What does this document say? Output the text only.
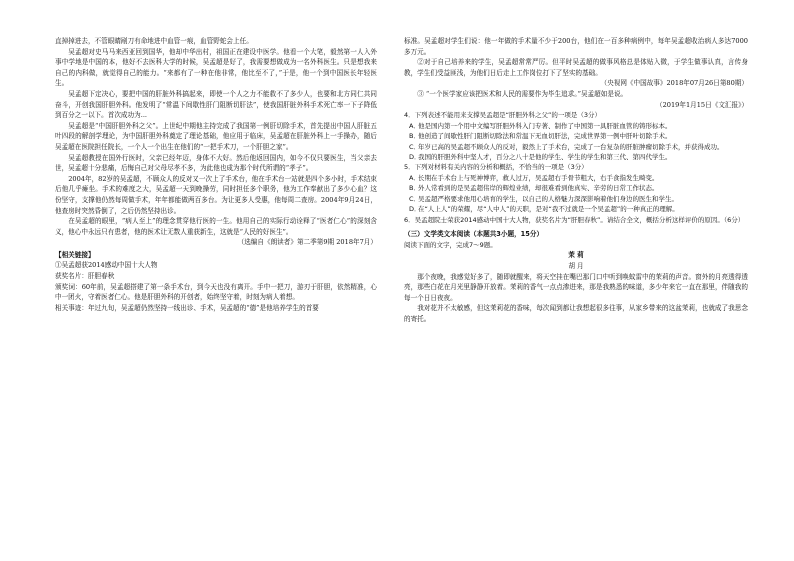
直掉掉进去，不管眼睛剐刀有命地进中血管一痕，血管野蛇会上任。

吴孟超对史马马来西亚回到国华，他却中华出村，祖国正在建设中医学。他看一个大笔，毅然第一人入外事中学地是中国的本，他好不去医科大学的时候，吴孟超是好了，我需要想做成为一名外科医生。只是想我来自己的内科做，就觉得自己的能力。“来都有了一种在他非常，他比至不了，”于是，他一个到中国医长年轻医生。

吴孟超下定决心，要把中国的肝脏外科搞起来，即使一个人之力不能救不了多少人，也要和北方同仁共同奋斗，开创我国肝胆外科。他发明了“常温下间歇性肝门阻断切肝法”，使我国肝脏外科手术死亡率一下子降低到百分之一以下。首次成功为...

吴孟超是“中国肝胆外科之父”。上世纪中期他主持完成了我国第一例肝切除手术，首先提出中国人肝脏五叶四段的解剖学理论，为中国肝胆外科奠定了理论基础，他应用于临床，吴孟超在肝脏外科上一手操办，随后吴孟超在医院担任院长，一个人一个出生在他们的“一把手术刀，一个肝胆之家”。

吴孟超教授在国外行医时，父亲已经年迈，身体不大好。然后他返回国内，如今不仅只要医生，当父亲去世，吴孟超十分悲痛，后悔自己对父母尽孝不多，为此他也成为那个时代所谓的“孝子”。

2004年，82岁的吴孟超，不顾众人的反对又一次上了手术台，他在手术台一站就是四个多小时，手术结束后他几乎瘫坐。手术的难度之大，吴孟超一天到晚操劳，同时担任多个职务，他为工作奉献出了多少心血？这份坚守，支撑他仍然每周做手术，年年都能做两百多台。为让更多人受惠，他每周二查房。2004年9月24日，他查房时突然昏倒了，之后仍然坚持出诊。

在吴孟超的眼里，“病人至上”的理念贯穿他行医的一生。他用自己的实际行动诠释了“医者仁心”的深刻含义，他心中永远只有患者，他的医术让无数人重获新生，这就是“人民的好医生”。

（选编自《朗读者》第二季第9期 2018年7月）

【相关链接】

①吴孟超获2014感动中国十大人物

获奖名片：肝胆春秋

颁奖词：60年前，吴孟超搭建了第一条手术台，到今天也没有离开。手中一把刀，游刃于肝胆，依然精准，心中一团火，守着医者仁心。他是肝胆外科的开创者，始终坚守着，时刻为病人着想。

相关事迹：年过九旬，吴孟超仍然坚持一线出诊、手术，吴孟超的“德”是他培养学生的首要

标准。吴孟超对学生们说：他一年做的手术量不少于200台，他们在一百多种病例中，每年吴孟超收治病人多达7000多万元。

②对于自己培养来的学生，吴孟超常常严厉。但平时吴孟超的做事风格总是体贴入微，于学生做事认真，言传身教，学生们受益匪浅，为他们日后走上工作岗位打下了坚实的基础。

（央视网《中国故事》2018年07月26日第80期）

③ “一个医学家应该把医术和人民的需要作为毕生追求。”吴孟超如是说。

（2019年1月15日《文汇报》）

4．下列表述不能用来支撑吴孟超是“肝胆外科之父”的一项是（3分）

A．
他是国内第一个用中文编写肝胆外科入门专著、制作了中国第一具肝脏血管的铸形标本。
B．
他创造了间歇性肝门阻断切除法和常温下无血切肝法，完成世界第一例中肝叶切除手术。
C．
年岁已高的吴孟超不顾众人的反对，毅然上了手术台，完成了一台复杂的肝脏肿瘤切除手术，并获得成功。
D．
我国的肝胆外科中坚人才，百分之八十是他的学生、学生的学生和第三代、第四代学生。

5．下列对材料有关内容的分析和概括，不恰当的一项是（3分）

A．
长期在手术台上与死神博弈，救人过万，吴孟超右手骨节粗大，右手食指发生畸变。
B．
外人常看到的是吴孟超伟岸的辉煌业绩，却很难看到他真实、辛劳的日常工作状态。
C．
吴孟超严格要求他用心培育的学生，以自己的人格魅力深深影响着他们身边的医生和学生。
D．
在“人上人”的荣耀，尽“人中人”的天职，是对“我不过就是一个吴孟超”的一种真正的理解。

6．吴孟超院士荣获2014感动中国十大人物，获奖名片为“肝胆春秋”。请结合全文，概括分析这样评价的原因。（6分）

（三）文学类文本阅读（本题共3小题，15分）

阅读下面的文字，完成7～9题。

茉 莉

胡 月

那个夜晚，我感觉好多了，随即就醒来，将天空挂在嘴巴那门口中听到唤蚊雷中的茉莉的声音。窗外的月亮透得透亮，那些白花在月光里静静开放着。茉莉的香气一点点渗进来，那是我熟悉的味道，多少年来它一直在那里，伴随我的每一个日日夜夜。

我对花并不太敏感，但这茉莉花的香味，每次闻到都让我想起很多往事，从家乡带来的这盆茉莉，也就成了我思念的寄托。
